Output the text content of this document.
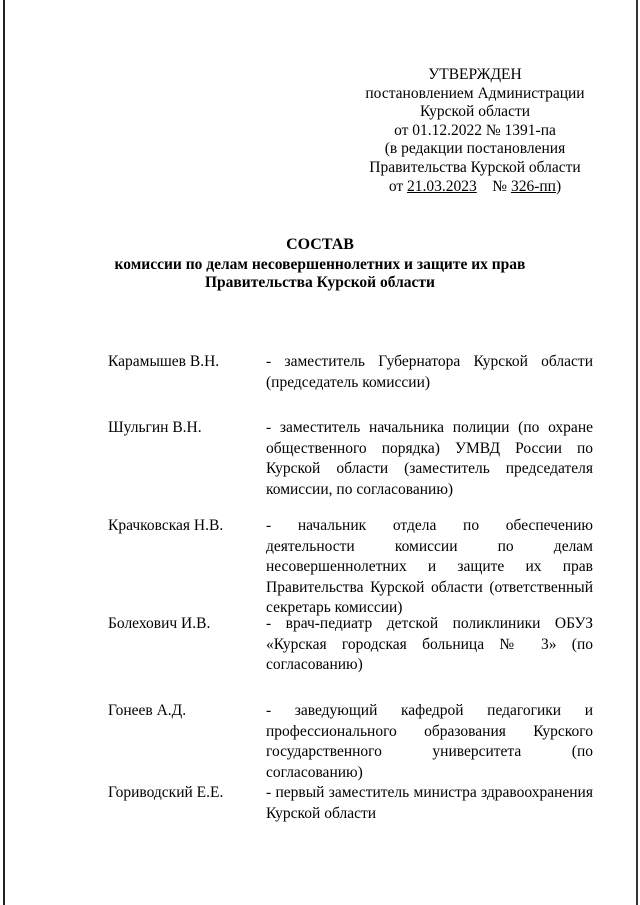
УТВЕРЖДЕН
постановлением Администрации
Курской области
от 01.12.2022 № 1391-па
(в редакции постановления
Правительства Курской области
от 21.03.2023    № 326-пп)
СОСТАВ
комиссии по делам несовершеннолетних и защите их прав
Правительства Курской области
Карамышев В.Н.	- заместитель Губернатора Курской области (председатель комиссии)
Шульгин В.Н.	- заместитель начальника полиции (по охране общественного порядка) УМВД России по Курской области (заместитель председателя комиссии, по согласованию)
Крачковская Н.В.	- начальник отдела по обеспечению деятельности комиссии по делам несовершеннолетних и защите их прав Правительства Курской области (ответственный секретарь комиссии)
Болехович И.В.	- врач-педиатр детской поликлиники ОБУЗ «Курская городская больница № 3» (по согласованию)
Гонеев А.Д.	- заведующий кафедрой педагогики и профессионального образования Курского государственного университета (по согласованию)
Гориводский Е.Е.	- первый заместитель министра здравоохранения Курской области
